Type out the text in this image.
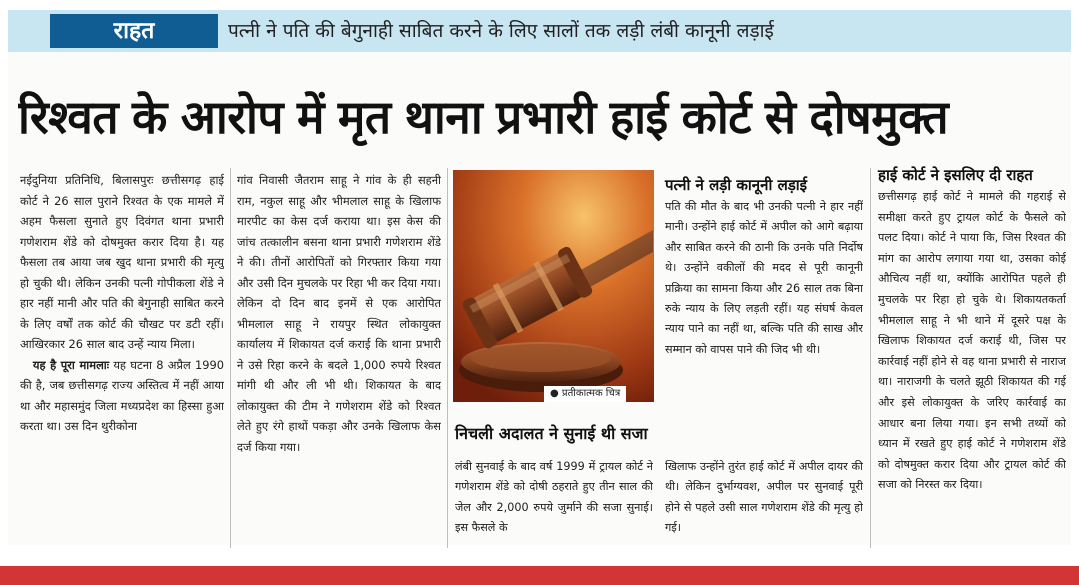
राहत	पत्नी ने पति की बेगुनाही साबित करने के लिए सालों तक लड़ी लंबी कानूनी लड़ाई
रिश्वत के आरोप में मृत थाना प्रभारी हाई कोर्ट से दोषमुक्त

नईदुनिया प्रतिनिधि, बिलासपुरः छत्तीसगढ़ हाई कोर्ट ने 26 साल पुराने रिश्वत के एक मामले में अहम फैसला सुनाते हुए दिवंगत थाना प्रभारी गणेशराम शेंडे को दोषमुक्त करार दिया है। यह फैसला तब आया जब खुद थाना प्रभारी की मृत्यु हो चुकी थी। लेकिन उनकी पत्नी गोपीकला शेंडे ने हार नहीं मानी और पति की बेगुनाही साबित करने के लिए वर्षों तक कोर्ट की चौखट पर डटी रहीं। आखिरकार 26 साल बाद उन्हें न्याय मिला।

यह है पूरा मामलाः यह घटना 8 अप्रैल 1990 की है, जब छत्तीसगढ़ राज्य अस्तित्व में नहीं आया था और महासमुंद जिला मध्यप्रदेश का हिस्सा हुआ करता था। उस दिन थुरीकोना

गांव निवासी जैतराम साहू ने गांव के ही सहनी राम, नकुल साहू और भीमलाल साहू के खिलाफ मारपीट का केस दर्ज कराया था। इस केस की जांच तत्कालीन बसना थाना प्रभारी गणेशराम शेंडे ने की। तीनों आरोपितों को गिरफ्तार किया गया और उसी दिन मुचलके पर रिहा भी कर दिया गया। लेकिन दो दिन बाद इनमें से एक आरोपित भीमलाल साहू ने रायपुर स्थित लोकायुक्त कार्यालय में शिकायत दर्ज कराई कि थाना प्रभारी ने उसे रिहा करने के बदले 1,000 रुपये रिश्वत मांगी थी और ली भी थी। शिकायत के बाद लोकायुक्त की टीम ने गणेशराम शेंडे को रिश्वत लेते हुए रंगे हाथों पकड़ा और उनके खिलाफ केस दर्ज किया गया।

● प्रतीकात्मक चित्र
पत्नी ने लड़ी कानूनी लड़ाई

पति की मौत के बाद भी उनकी पत्नी ने हार नहीं मानी। उन्होंने हाई कोर्ट में अपील को आगे बढ़ाया और साबित करने की ठानी कि उनके पति निर्दोष थे। उन्होंने वकीलों की मदद से पूरी कानूनी प्रक्रिया का सामना किया और 26 साल तक बिना रुके न्याय के लिए लड़ती रहीं। यह संघर्ष केवल न्याय पाने का नहीं था, बल्कि पति की साख और सम्मान को वापस पाने की जिद भी थी।

हाई कोर्ट ने इसलिए दी राहत

छत्तीसगढ़ हाई कोर्ट ने मामले की गहराई से समीक्षा करते हुए ट्रायल कोर्ट के फैसले को पलट दिया। कोर्ट ने पाया कि, जिस रिश्वत की मांग का आरोप लगाया गया था, उसका कोई औचित्य नहीं था, क्योंकि आरोपित पहले ही मुचलके पर रिहा हो चुके थे। शिकायतकर्ता भीमलाल साहू ने भी थाने में दूसरे पक्ष के खिलाफ शिकायत दर्ज कराई थी, जिस पर कार्रवाई नहीं होने से वह थाना प्रभारी से नाराज था। नाराजगी के चलते झूठी शिकायत की गई और इसे लोकायुक्त के जरिए कार्रवाई का आधार बना लिया गया। इन सभी तथ्यों को ध्यान में रखते हुए हाई कोर्ट ने गणेशराम शेंडे को दोषमुक्त करार दिया और ट्रायल कोर्ट की सजा को निरस्त कर दिया।

निचली अदालत ने सुनाई थी सजा

लंबी सुनवाई के बाद वर्ष 1999 में ट्रायल कोर्ट ने गणेशराम शेंडे को दोषी ठहराते हुए तीन साल की जेल और 2,000 रुपये जुर्माने की सजा सुनाई। इस फैसले के

खिलाफ उन्होंने तुरंत हाई कोर्ट में अपील दायर की थी। लेकिन दुर्भाग्यवश, अपील पर सुनवाई पूरी होने से पहले उसी साल गणेशराम शेंडे की मृत्यु हो गई।
